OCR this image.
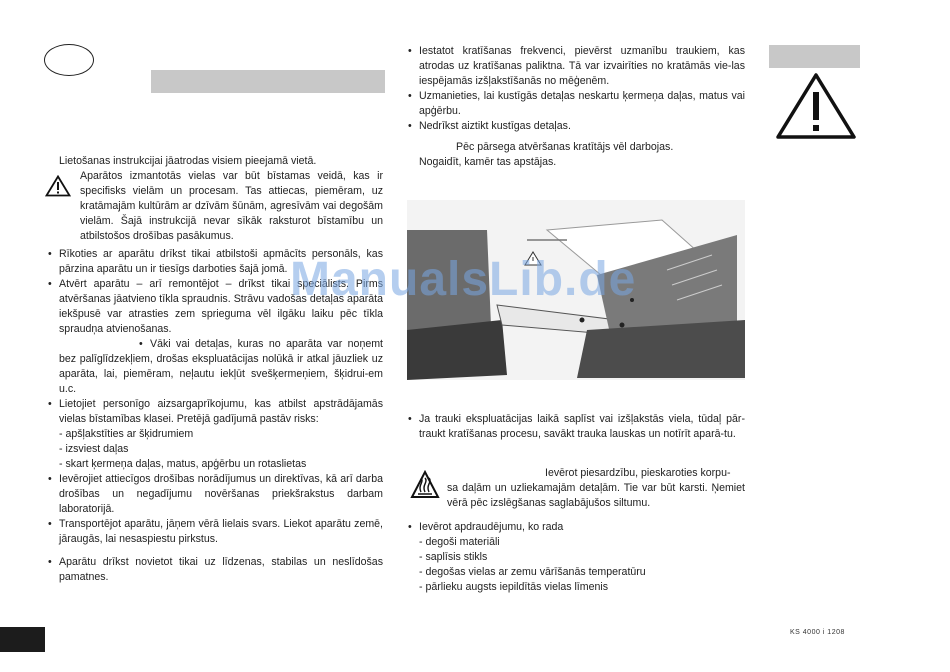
Lietošanas instrukcijai jāatrodas visiem pieejamā vietā.

Aparātos izmantotās vielas var būt bīstamas veidā, kas ir specifisks vielām un procesam. Tas attiecas, piemēram, uz kratāmajām kultūrām ar dzīvām šūnām, agresīvām vai degošām vielām. Šajā instrukcijā nevar sīkāk raksturot bīstamību un atbilstošos drošības pasākumus.

• Rīkoties ar aparātu drīkst tikai atbilstoši apmācīts personāls, kas pārzina aparātu un ir tiesīgs darboties šajā jomā.

• Atvērt aparātu – arī remontējot – drīkst tikai speciālists. Pirms atvēršanas jāatvieno tīkla spraudnis. Strāvu vadošas detaļas aparāta iekšpusē var atrasties zem sprieguma vēl ilgāku laiku pēc tīkla spraudņa atvienošanas.

• Vāki vai detaļas, kuras no aparāta var noņemt bez palīglīdzekļiem, drošas ekspluatācijas nolūkā ir atkal jāuzliek uz aparāta, lai, piemēram, neļautu iekļūt svešķermeņiem, šķidrui-em u.c.

• Lietojiet personīgo aizsargaprīkojumu, kas atbilst apstrādājamās vielas bīstamības klasei. Pretējā gadījumā pastāv risks:

- apšļakstīties ar šķidrumiem

- izsviest daļas

- skart ķermeņa daļas, matus, apģērbu un rotaslietas

• Ievērojiet attiecīgos drošības norādījumus un direktīvas, kā arī darba drošības un negadījumu novēršanas priekšrakstus darbam laboratorijā.

• Transportējot aparātu, jāņem vērā lielais svars. Liekot aparātu zemē, jāraugās, lai nesaspiestu pirkstus.

• Aparātu drīkst novietot tikai uz līdzenas, stabilas un neslīdošas pamatnes.

• Iestatot kratīšanas frekvenci, pievērst uzmanību traukiem, kas atrodas uz kratīšanas paliktna. Tā var izvairīties no kratāmās vie-las iespējamās izšļakstīšanās no mēģenēm.

• Uzmanieties, lai kustīgās detaļas neskartu ķermeņa daļas, matus vai apģērbu.

• Nedrīkst aiztikt kustīgas detaļas.

Pēc pārsega atvēršanas kratītājs vēl darbojas.

Nogaidīt, kamēr tas apstājas.

• Ja trauki ekspluatācijas laikā saplīst vai izšļakstās viela, tūdaļ pār-traukt kratīšanas procesu, savākt trauka lauskas un notīrīt aparā-tu.

Ievērot piesardzību, pieskaroties korpu-

sa daļām un uzliekamajām detaļām. Tie var būt karsti. Ņemiet vērā pēc izslēgšanas saglabājušos siltumu.

• Ievērot apdraudējumu, ko rada

- degoši materiāli

- saplīsis stikls

- degošas vielas ar zemu vārīšanās temperatūru

- pārlieku augsts iepildītās vielas līmenis

ManualsLib.de
KS 4000 i 1208
